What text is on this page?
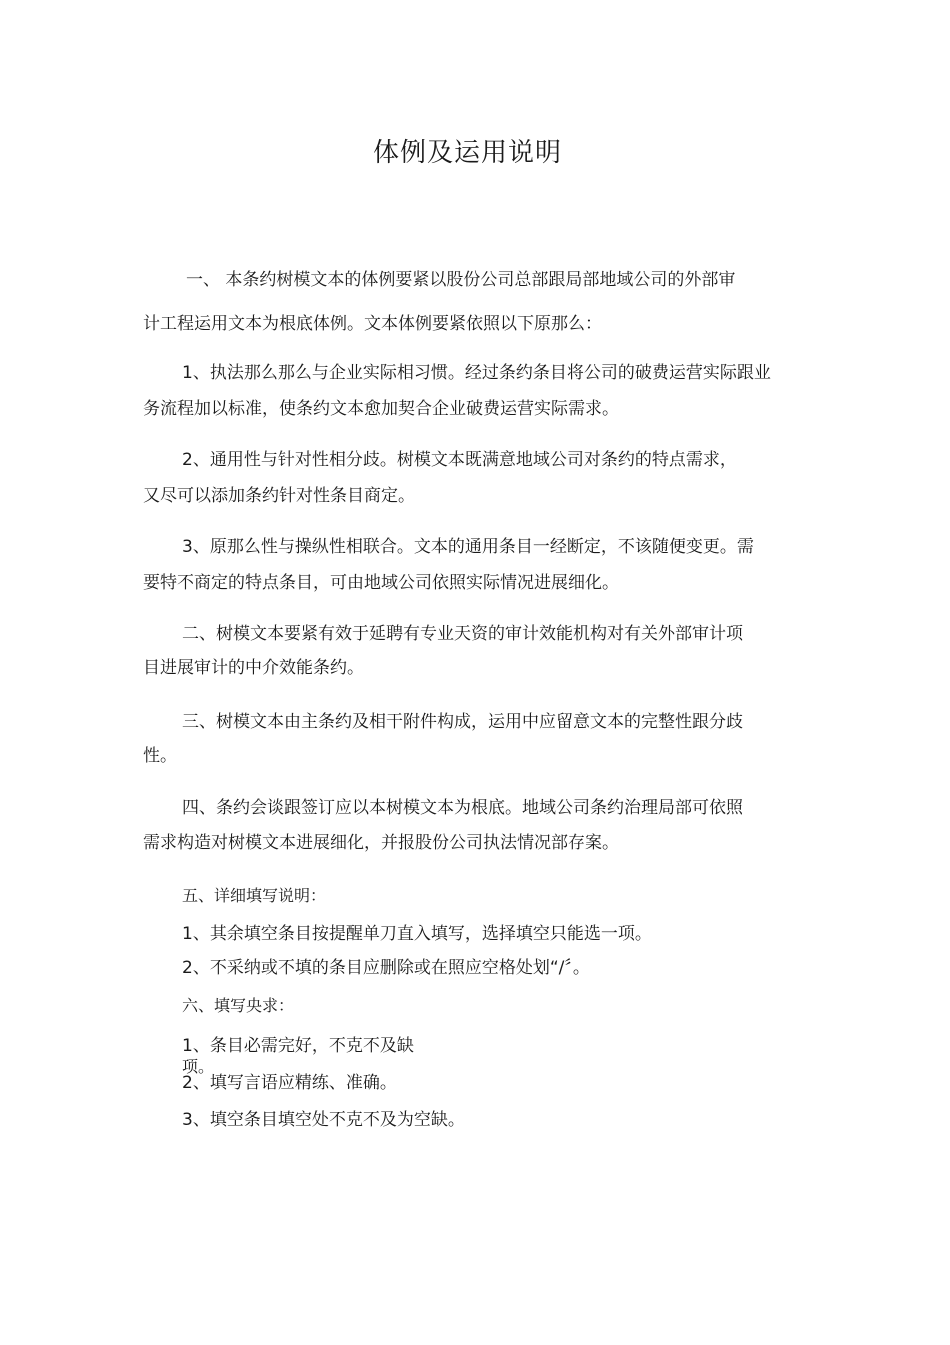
体例及运用说明

一、 本条约树模文本的体例要紧以股份公司总部跟局部地域公司的外部审

计工程运用文本为根底体例。文本体例要紧依照以下原那么：

1、执法那么那么与企业实际相习惯。经过条约条目将公司的破费运营实际跟业

务流程加以标准，使条约文本愈加契合企业破费运营实际需求。

2、通用性与针对性相分歧。树模文本既满意地域公司对条约的特点需求，

又尽可以添加条约针对性条目商定。

3、原那么性与操纵性相联合。文本的通用条目一经断定，不该随便变更。需

要特不商定的特点条目，可由地域公司依照实际情况进展细化。

二、树模文本要紧有效于延聘有专业天资的审计效能机构对有关外部审计项

目进展审计的中介效能条约。

三、树模文本由主条约及相干附件构成，运用中应留意文本的完整性跟分歧

性。

四、条约会谈跟签订应以本树模文本为根底。地域公司条约治理局部可依照

需求构造对树模文本进展细化，并报股份公司执法情况部存案。

五、详细填写说明：

1、其余填空条目按提醒单刀直入填写，选择填空只能选一项。

2、不采纳或不填的条目应删除或在照应空格处划“/〞。

六、填写央求：

1、条目必需完好，不克不及缺

项。

2、填写言语应精练、准确。

3、填空条目填空处不克不及为空缺。
